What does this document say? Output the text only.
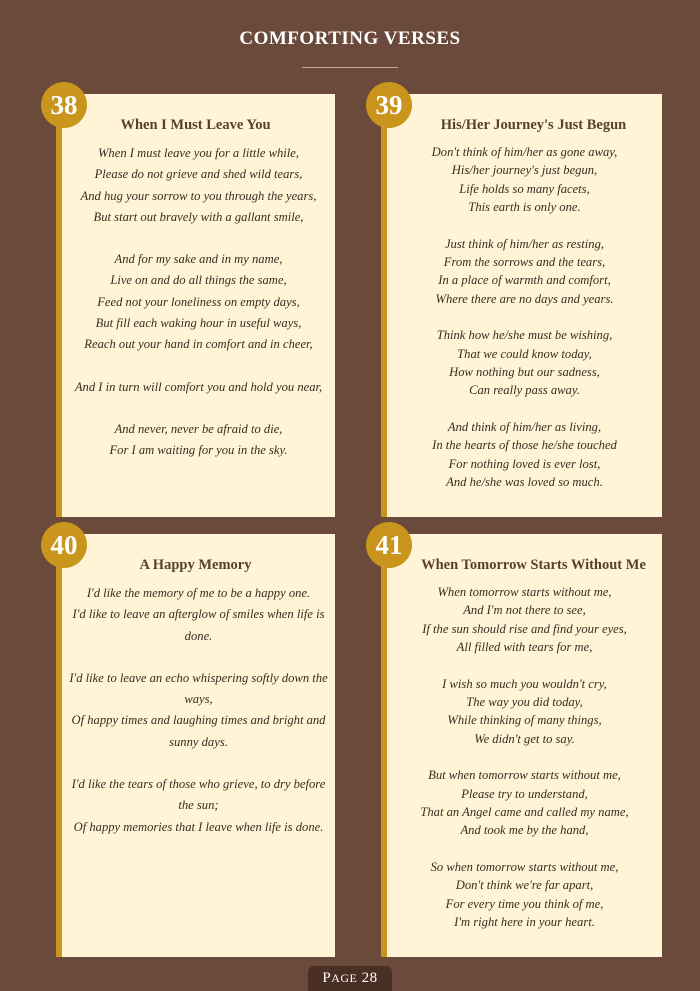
COMFORTING VERSES
38
When I Must Leave You
When I must leave you for a little while,
Please do not grieve and shed wild tears,
And hug your sorrow to you through the years,
But start out bravely with a gallant smile,
And for my sake and in my name,
Live on and do all things the same,
Feed not your loneliness on empty days,
But fill each waking hour in useful ways,
Reach out your hand in comfort and in cheer,
And I in turn will comfort you and hold you near,
And never, never be afraid to die,
For I am waiting for you in the sky.
39
His/Her Journey's Just Begun
Don't think of him/her as gone away,
His/her journey's just begun,
Life holds so many facets,
This earth is only one.
Just think of him/her as resting,
From the sorrows and the tears,
In a place of warmth and comfort,
Where there are no days and years.
Think how he/she must be wishing,
That we could know today,
How nothing but our sadness,
Can really pass away.
And think of him/her as living,
In the hearts of those he/she touched
For nothing loved is ever lost,
And he/she was loved so much.
40
A Happy Memory
I'd like the memory of me to be a happy one.
I'd like to leave an afterglow of smiles when life is done.
I'd like to leave an echo whispering softly down the ways,
Of happy times and laughing times and bright and sunny days.
I'd like the tears of those who grieve, to dry before the sun;
Of happy memories that I leave when life is done.
41
When Tomorrow Starts Without Me
When tomorrow starts without me,
And I'm not there to see,
If the sun should rise and find your eyes,
All filled with tears for me,
I wish so much you wouldn't cry,
The way you did today,
While thinking of many things,
We didn't get to say.
But when tomorrow starts without me,
Please try to understand,
That an Angel came and called my name,
And took me by the hand,
So when tomorrow starts without me,
Don't think we're far apart,
For every time you think of me,
I'm right here in your heart.
PAGE 28
